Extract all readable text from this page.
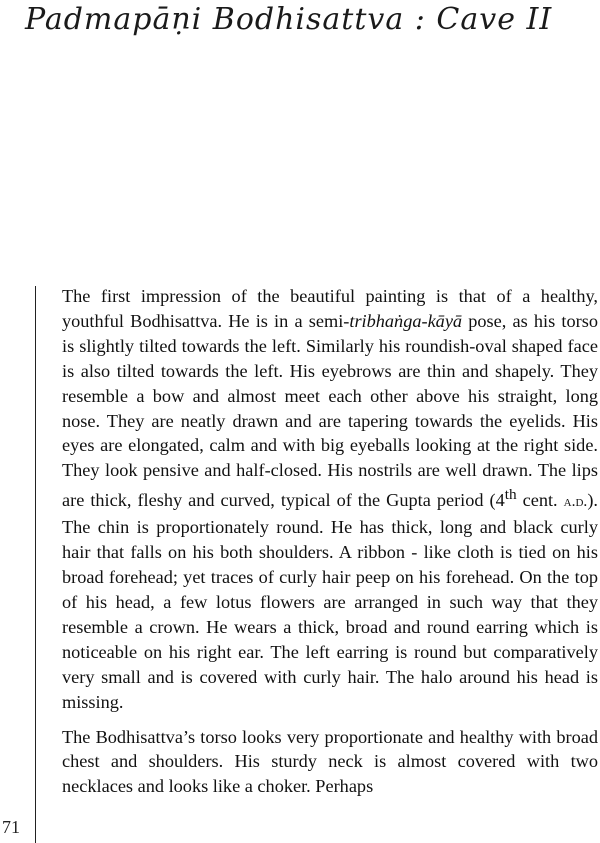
Padmapāṇi Bodhisattva : Cave II

The first impression of the beautiful painting is that of a healthy, youthful Bodhisattva. He is in a semi-tribhaṅga-kāyā pose, as his torso is slightly tilted towards the left. Similarly his roundish-oval shaped face is also tilted towards the left. His eyebrows are thin and shapely. They resemble a bow and almost meet each other above his straight, long nose. They are neatly drawn and are tapering towards the eyelids. His eyes are elongated, calm and with big eyeballs looking at the right side. They look pensive and half-closed. His nostrils are well drawn. The lips are thick, fleshy and curved, typical of the Gupta period (4th cent. a.d.). The chin is proportionately round. He has thick, long and black curly hair that falls on his both shoulders. A ribbon - like cloth is tied on his broad forehead; yet traces of curly hair peep on his forehead. On the top of his head, a few lotus flowers are arranged in such way that they resemble a crown. He wears a thick, broad and round earring which is noticeable on his right ear. The left earring is round but comparatively very small and is covered with curly hair. The halo around his head is missing.

The Bodhisattva’s torso looks very proportionate and healthy with broad chest and shoulders. His sturdy neck is almost covered with two necklaces and looks like a choker. Perhaps

71
